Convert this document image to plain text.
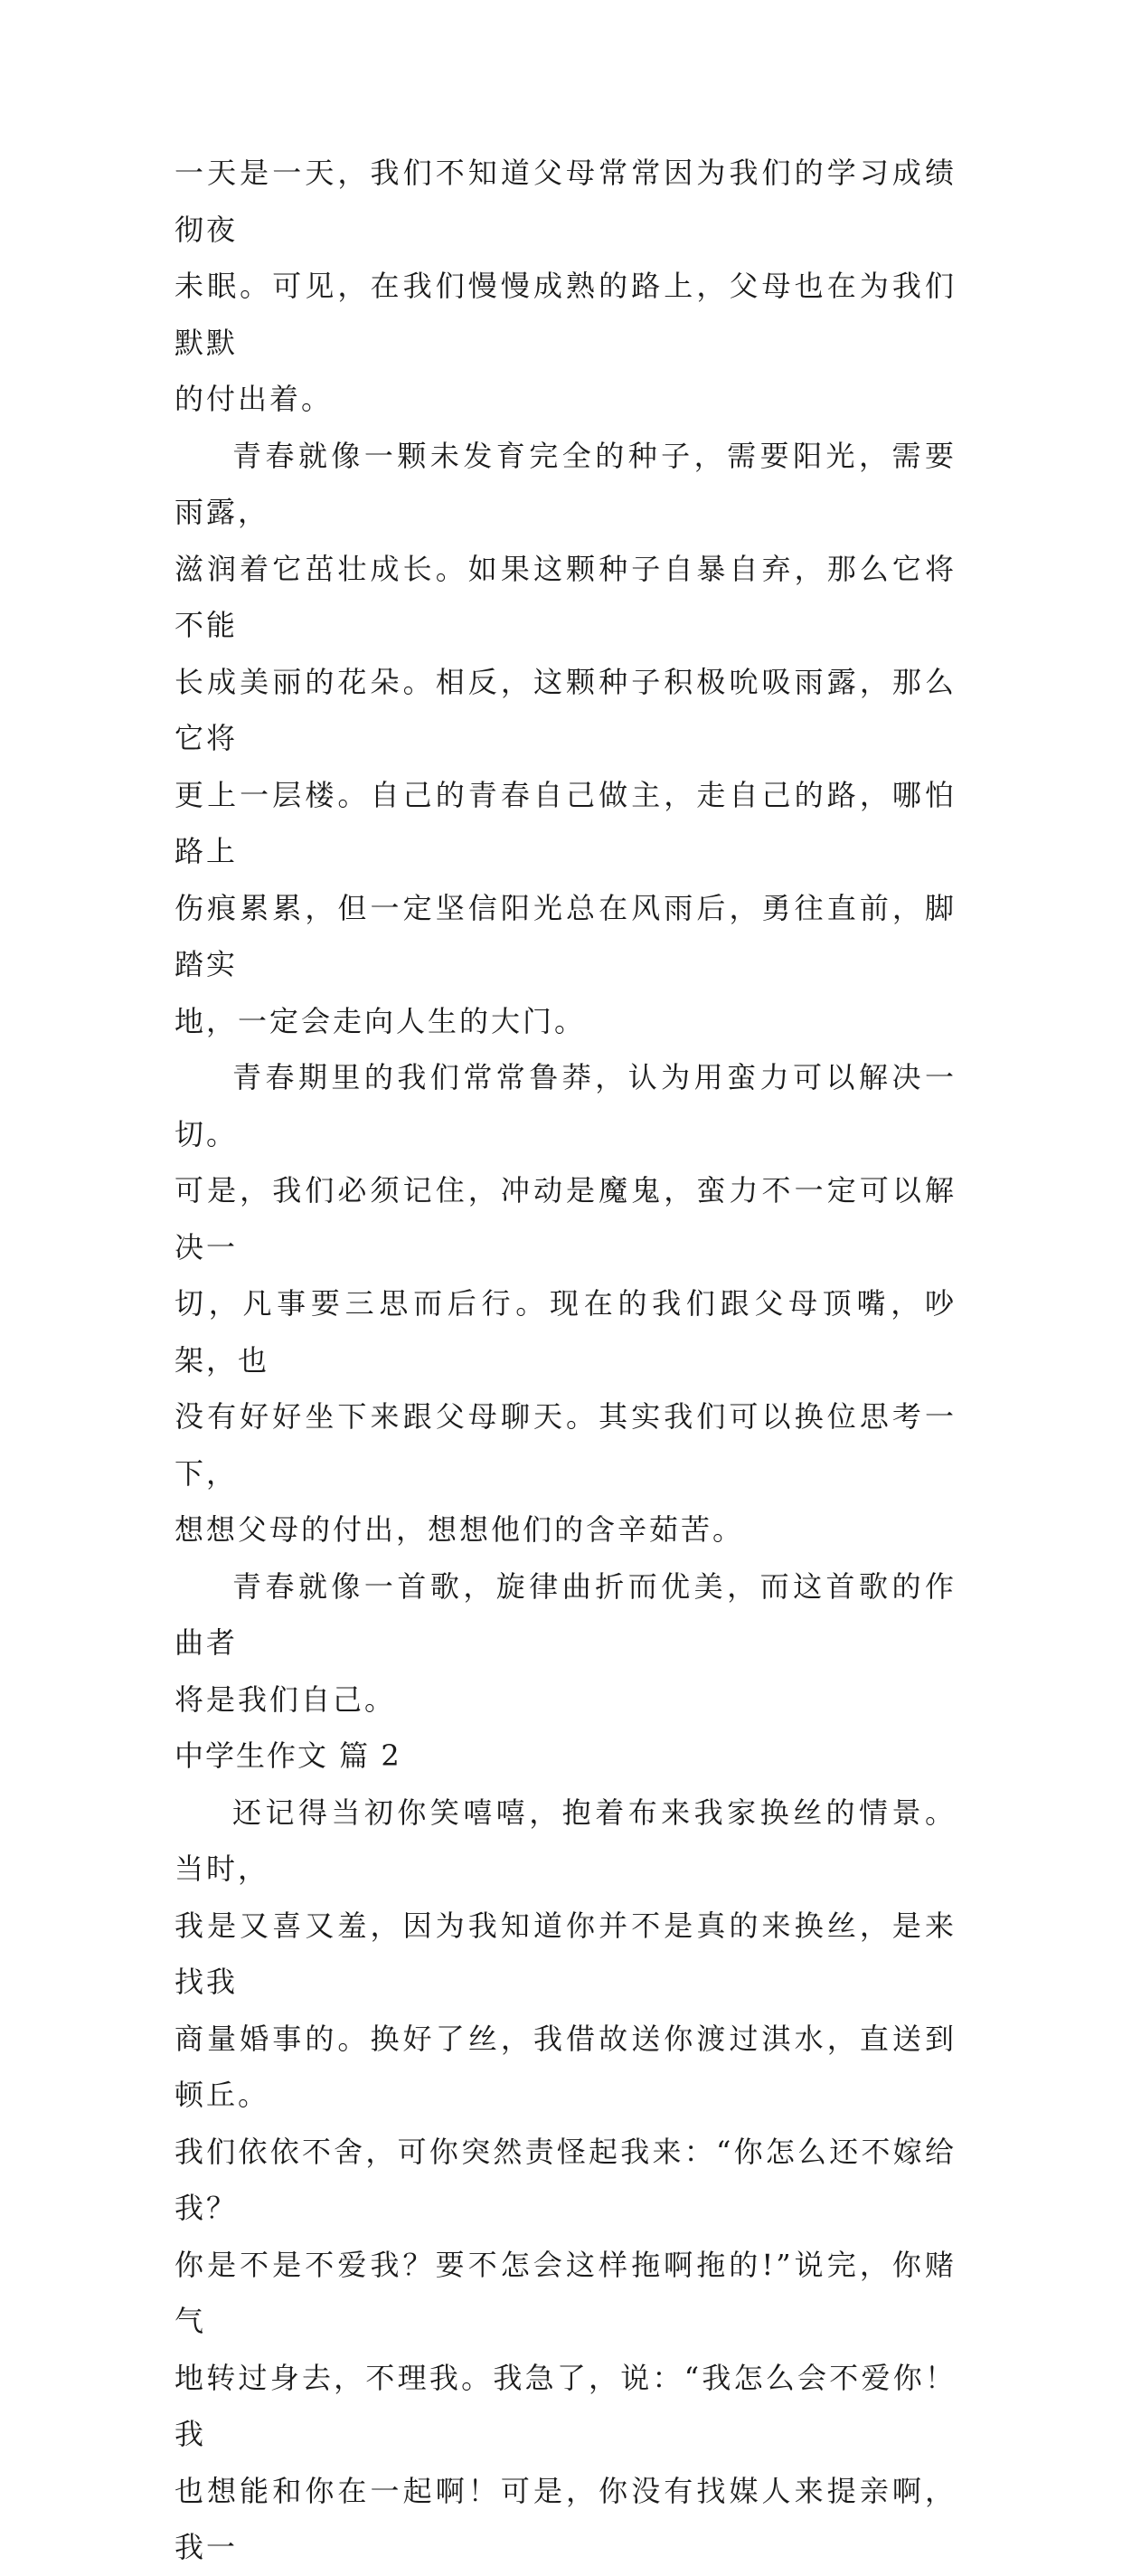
一天是一天，我们不知道父母常常因为我们的学习成绩彻夜
未眠。可见，在我们慢慢成熟的路上，父母也在为我们默默
的付出着。

青春就像一颗未发育完全的种子，需要阳光，需要雨露，
滋润着它茁壮成长。如果这颗种子自暴自弃，那么它将不能
长成美丽的花朵。相反，这颗种子积极吮吸雨露，那么它将
更上一层楼。自己的青春自己做主，走自己的路，哪怕路上
伤痕累累，但一定坚信阳光总在风雨后，勇往直前，脚踏实
地，一定会走向人生的大门。

青春期里的我们常常鲁莽，认为用蛮力可以解决一切。
可是，我们必须记住，冲动是魔鬼，蛮力不一定可以解决一
切，凡事要三思而后行。现在的我们跟父母顶嘴，吵架，也
没有好好坐下来跟父母聊天。其实我们可以换位思考一下，
想想父母的付出，想想他们的含辛茹苦。

青春就像一首歌，旋律曲折而优美，而这首歌的作曲者
将是我们自己。

中学生作文 篇 2

还记得当初你笑嘻嘻，抱着布来我家换丝的情景。当时，
我是又喜又羞，因为我知道你并不是真的来换丝，是来找我
商量婚事的。换好了丝，我借故送你渡过淇水，直送到顿丘。
我们依依不舍，可你突然责怪起我来：“你怎么还不嫁给我？
你是不是不爱我？要不怎会这样拖啊拖的!”说完，你赌气
地转过身去，不理我。我急了，说：“我怎么会不爱你！我
也想能和你在一起啊！可是，你没有找媒人来提亲啊，我一
